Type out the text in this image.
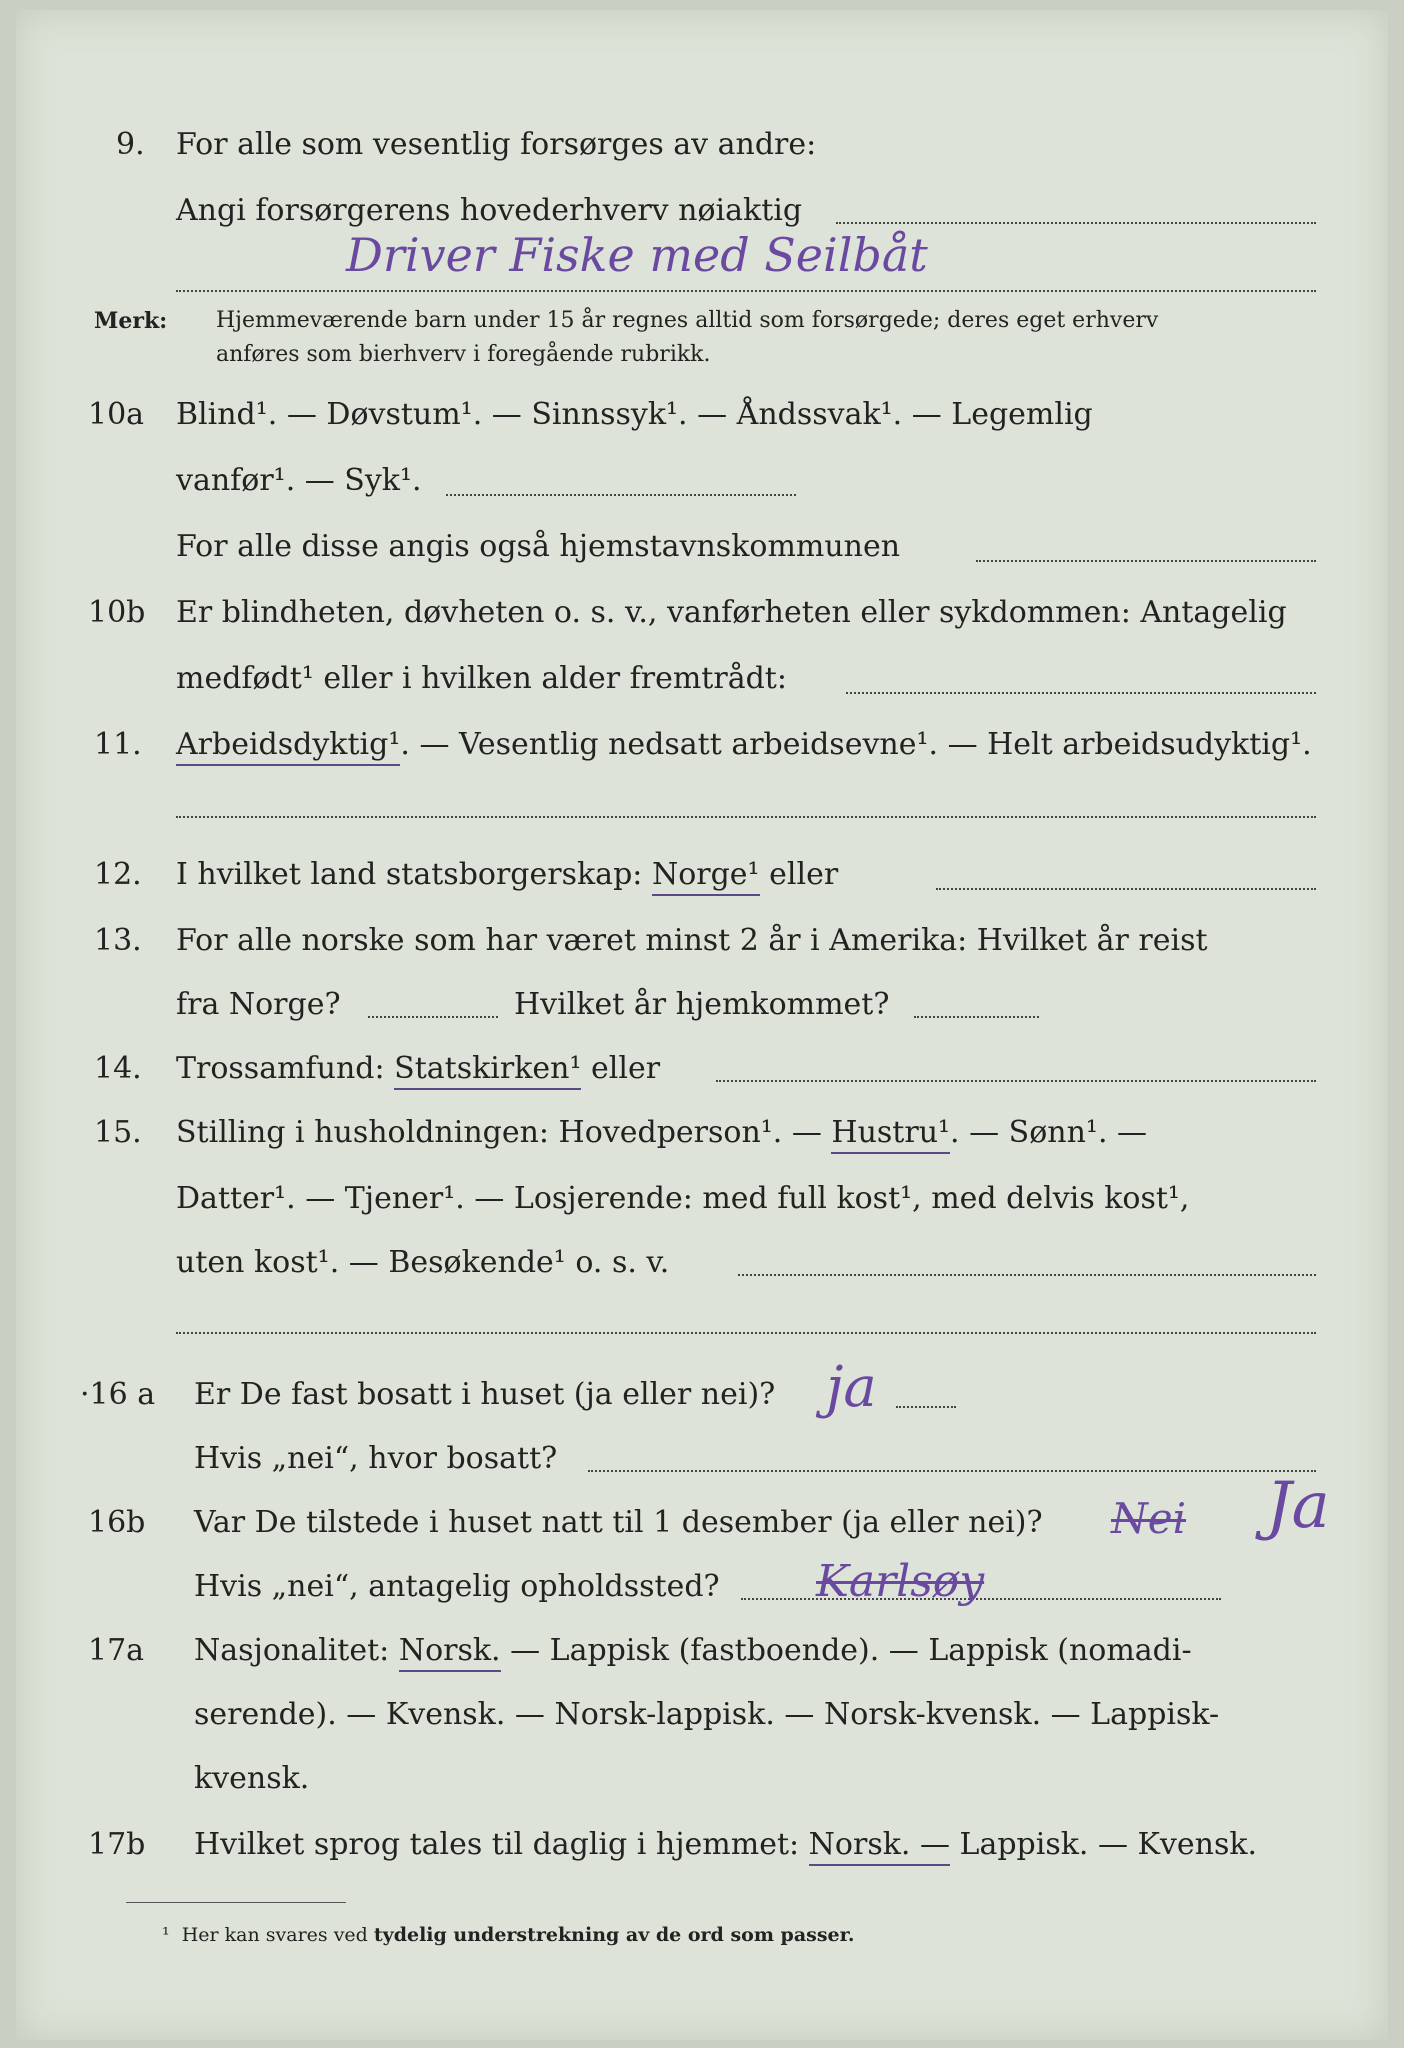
9. For alle som vesentlig forsørges av andre:
Angi forsørgerens hovederhverv nøiaktig
Driver Fiske med Seilbåt
Merk: Hjemmeværende barn under 15 år regnes alltid som forsørgede; deres eget erhverv
anføres som bierhverv i foregående rubrikk.
10a Blind¹. — Døvstum¹. — Sinnssyk¹. — Åndssvak¹. — Legemlig
vanfør¹. — Syk¹.
For alle disse angis også hjemstavnskommunen
10b Er blindheten, døvheten o. s. v., vanførheten eller sykdommen: Antagelig
medfødt¹ eller i hvilken alder fremtrådt:
11. Arbeidsdyktig¹. — Vesentlig nedsatt arbeidsevne¹. — Helt arbeidsudyktig¹.
12. I hvilket land statsborgerskap: Norge¹ eller
13. For alle norske som har været minst 2 år i Amerika: Hvilket år reist
fra Norge?	Hvilket år hjemkommet?
14. Trossamfund: Statskirken¹ eller
15. Stilling i husholdningen: Hovedperson¹. — Hustru¹. — Sønn¹. —
Datter¹. — Tjener¹. — Losjerende: med full kost¹, med delvis kost¹,
uten kost¹. — Besøkende¹ o. s. v.
·16 a Er De fast bosatt i huset (ja eller nei)? ja
Hvis „nei“, hvor bosatt?
16b Var De tilstede i huset natt til 1 desember (ja eller nei)? Nei Ja
Hvis „nei“, antagelig opholdssted? Karlsøy
17a Nasjonalitet: Norsk. — Lappisk (fastboende). — Lappisk (nomadi-
serende). — Kvensk. — Norsk-lappisk. — Norsk-kvensk. — Lappisk-
kvensk.
17b Hvilket sprog tales til daglig i hjemmet: Norsk. — Lappisk. — Kvensk.
¹ Her kan svares ved tydelig understrekning av de ord som passer.
